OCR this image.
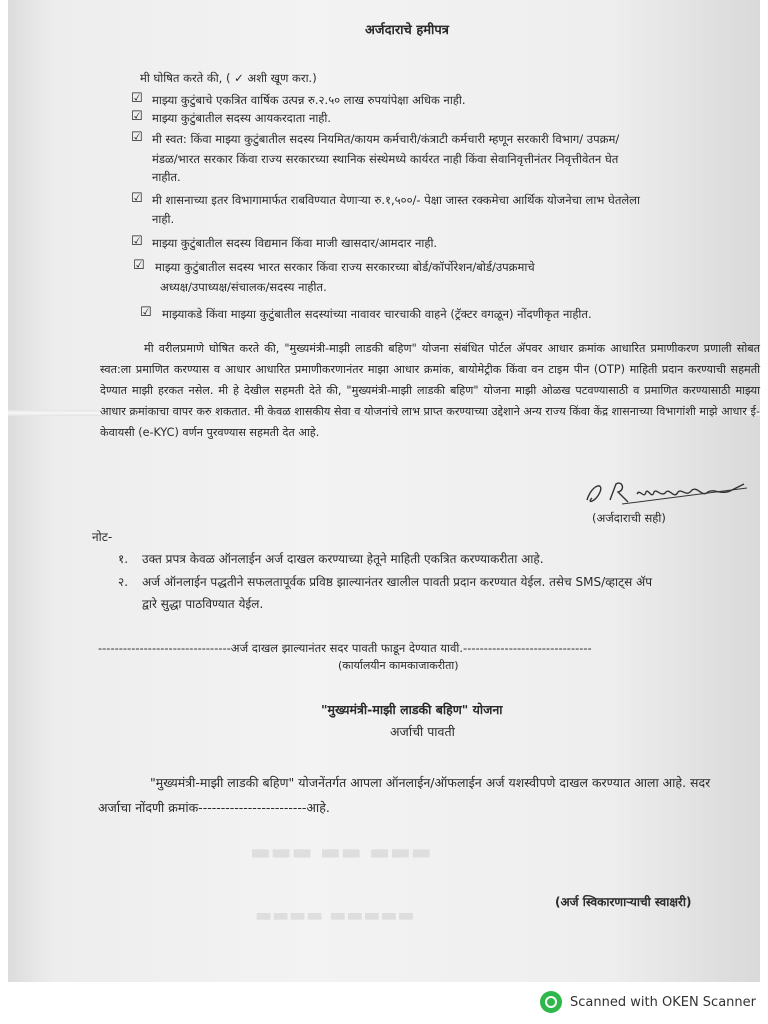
▬▬▬ ▬▬ ▬▬▬
▬▬▬▬ ▬▬▬▬▬
अर्जदाराचे हमीपत्र
मी घोषित करते की, ( ✓ अशी खूण करा.)
☑ माझ्या कुटुंबाचे एकत्रित वार्षिक उत्पन्न रु.२.५० लाख रुपयांपेक्षा अधिक नाही.
☑ माझ्या कुटुंबातील सदस्य आयकरदाता नाही.
☑ मी स्वत: किंवा माझ्या कुटुंबातील सदस्य नियमित/कायम कर्मचारी/कंत्राटी कर्मचारी म्हणून सरकारी विभाग/ उपक्रम/
मंडळ/भारत सरकार किंवा राज्य सरकारच्या स्थानिक संस्थेमध्ये कार्यरत नाही किंवा सेवानिवृत्तीनंतर निवृत्तीवेतन घेत
नाहीत.
☑ मी शासनाच्या इतर विभागामार्फत राबविण्यात येणाऱ्या रु.१,५००/- पेक्षा जास्त रक्कमेचा आर्थिक योजनेचा लाभ घेतलेला
नाही.
☑ माझ्या कुटुंबातील सदस्य विद्यमान किंवा माजी खासदार/आमदार नाही.
☑ माझ्या कुटुंबातील सदस्य भारत सरकार किंवा राज्य सरकारच्या बोर्ड/कॉर्पोरेशन/बोर्ड/उपक्रमाचे
अध्यक्ष/उपाध्यक्ष/संचालक/सदस्य नाहीत.
☑ माझ्याकडे किंवा माझ्या कुटुंबातील सदस्यांच्या नावावर चारचाकी वाहने (ट्रॅक्टर वगळून) नोंदणीकृत नाहीत.
मी वरीलप्रमाणे घोषित करते की, "मुख्यमंत्री-माझी लाडकी बहिण" योजना संबंधित पोर्टल ॲपवर आधार क्रमांक आधारित प्रमाणीकरण प्रणाली सोबत स्वत:ला प्रमाणित करण्यास व आधार आधारित प्रमाणीकरणानंतर माझा आधार क्रमांक, बायोमेट्रीक किंवा वन टाइम पीन (OTP) माहिती प्रदान करण्याची सहमती देण्यात माझी हरकत नसेल. मी हे देखील सहमती देते की, "मुख्यमंत्री-माझी लाडकी बहिण" योजना माझी ओळख पटवण्यासाठी व प्रमाणित करण्यासाठी माझ्या आधार क्रमांकाचा वापर करु शकतात. मी केवळ शासकीय सेवा व योजनांचे लाभ प्राप्त करण्याच्या उद्देशाने अन्य राज्य किंवा केंद्र शासनाच्या विभागांशी माझे आधार ई-केवायसी (e-KYC) वर्णन पुरवण्यास सहमती देत आहे.
(अर्जदाराची सही)
नोट-
१. उक्त प्रपत्र केवळ ऑनलाईन अर्ज दाखल करण्याच्या हेतूने माहिती एकत्रित करण्याकरीता आहे.
२. अर्ज ऑनलाईन पद्धतीने सफलतापूर्वक प्रविष्ठ झाल्यानंतर खालील पावती प्रदान करण्यात येईल. तसेच SMS/व्हाट्स ॲप
द्वारे सुद्धा पाठविण्यात येईल.
--------------------------------अर्ज दाखल झाल्यानंतर सदर पावती फाडून देण्यात यावी.-------------------------------
(कार्यालयीन कामकाजाकरीता)
"मुख्यमंत्री-माझी लाडकी बहिण" योजना
अर्जाची पावती
"मुख्यमंत्री-माझी लाडकी बहिण" योजनेंतर्गत आपला ऑनलाईन/ऑफलाईन अर्ज यशस्वीपणे दाखल करण्यात आला आहे. सदर अर्जाचा नोंदणी क्रमांक------------------------आहे.
(अर्ज स्विकारणाऱ्याची स्वाक्षरी)
Scanned with OKEN Scanner
